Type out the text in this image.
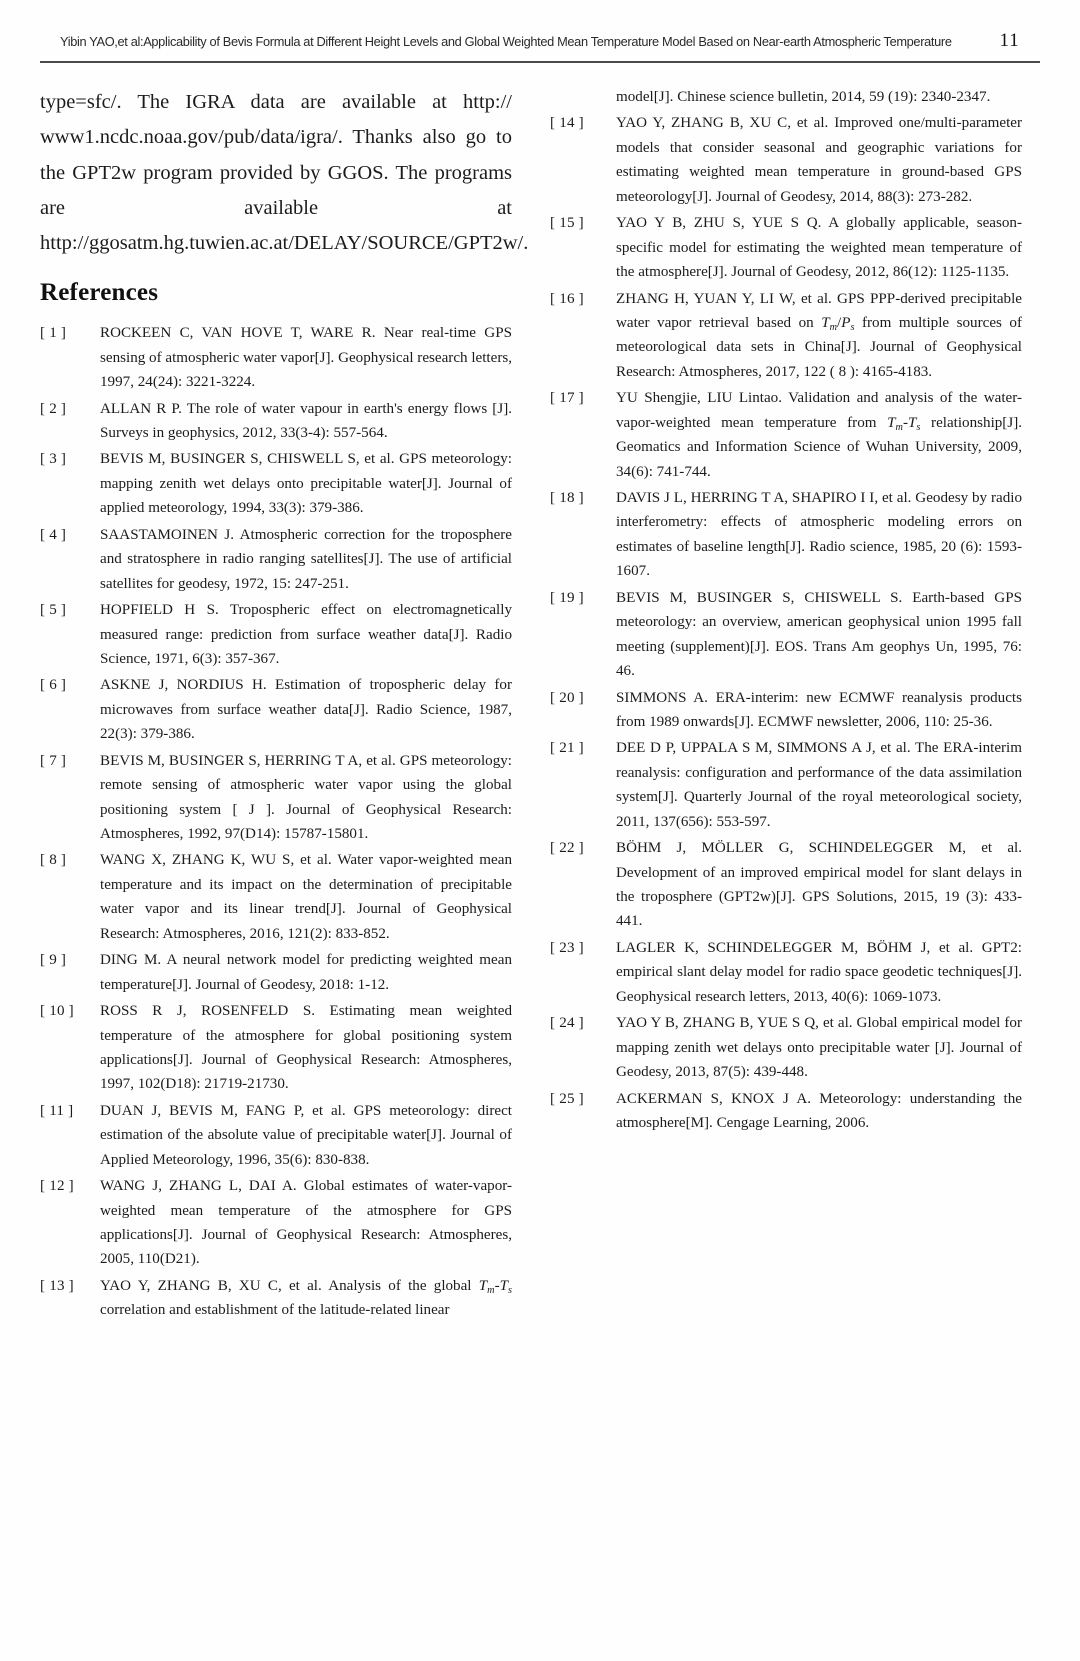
Yibin YAO,et al:Applicability of Bevis Formula at Different Height Levels and Global Weighted Mean Temperature Model Based on Near-earth Atmospheric Temperature	11

type=sfc/. The IGRA data are available at http:// www1.ncdc.noaa.gov/pub/data/igra/. Thanks also go to the GPT2w program provided by GGOS. The programs are available at http://ggosatm.hg.tuwien.ac.at/DELAY/SOURCE/GPT2w/.

References
[ 1 ]	ROCKEEN C, VAN HOVE T, WARE R. Near real-time GPS sensing of atmospheric water vapor[J]. Geophysical research letters, 1997, 24(24): 3221-3224.
[ 2 ]	ALLAN R P. The role of water vapour in earth's energy flows [J]. Surveys in geophysics, 2012, 33(3-4): 557-564.
[ 3 ]	BEVIS M, BUSINGER S, CHISWELL S, et al. GPS meteorology: mapping zenith wet delays onto precipitable water[J]. Journal of applied meteorology, 1994, 33(3): 379-386.
[ 4 ]	SAASTAMOINEN J. Atmospheric correction for the troposphere and stratosphere in radio ranging satellites[J]. The use of artificial satellites for geodesy, 1972, 15: 247-251.
[ 5 ]	HOPFIELD H S. Tropospheric effect on electromagnetically measured range: prediction from surface weather data[J]. Radio Science, 1971, 6(3): 357-367.
[ 6 ]	ASKNE J, NORDIUS H. Estimation of tropospheric delay for microwaves from surface weather data[J]. Radio Science, 1987, 22(3): 379-386.
[ 7 ]	BEVIS M, BUSINGER S, HERRING T A, et al. GPS meteorology: remote sensing of atmospheric water vapor using the global positioning system [ J ]. Journal of Geophysical Research: Atmospheres, 1992, 97(D14): 15787-15801.
[ 8 ]	WANG X, ZHANG K, WU S, et al. Water vapor-weighted mean temperature and its impact on the determination of precipitable water vapor and its linear trend[J]. Journal of Geophysical Research: Atmospheres, 2016, 121(2): 833-852.
[ 9 ]	DING M. A neural network model for predicting weighted mean temperature[J]. Journal of Geodesy, 2018: 1-12.
[ 10 ]	ROSS R J, ROSENFELD S. Estimating mean weighted temperature of the atmosphere for global positioning system applications[J]. Journal of Geophysical Research: Atmospheres, 1997, 102(D18): 21719-21730.
[ 11 ]	DUAN J, BEVIS M, FANG P, et al. GPS meteorology: direct estimation of the absolute value of precipitable water[J]. Journal of Applied Meteorology, 1996, 35(6): 830-838.
[ 12 ]	WANG J, ZHANG L, DAI A. Global estimates of water-vapor-weighted mean temperature of the atmosphere for GPS applications[J]. Journal of Geophysical Research: Atmospheres, 2005, 110(D21).
[ 13 ]	YAO Y, ZHANG B, XU C, et al. Analysis of the global $T_m-T_s$ correlation and establishment of the latitude-related linear
model[J]. Chinese science bulletin, 2014, 59 (19): 2340-2347.
[ 14 ]	YAO Y, ZHANG B, XU C, et al. Improved one/multi-parameter models that consider seasonal and geographic variations for estimating weighted mean temperature in ground-based GPS meteorology[J]. Journal of Geodesy, 2014, 88(3): 273-282.
[ 15 ]	YAO Y B, ZHU S, YUE S Q. A globally applicable, season-specific model for estimating the weighted mean temperature of the atmosphere[J]. Journal of Geodesy, 2012, 86(12): 1125-1135.
[ 16 ]	ZHANG H, YUAN Y, LI W, et al. GPS PPP-derived precipitable water vapor retrieval based on $T_m/P_s$ from multiple sources of meteorological data sets in China[J]. Journal of Geophysical Research: Atmospheres, 2017, 122 ( 8 ): 4165-4183.
[ 17 ]	YU Shengjie, LIU Lintao. Validation and analysis of the water-vapor-weighted mean temperature from $T_m-T_s$ relationship[J]. Geomatics and Information Science of Wuhan University, 2009, 34(6): 741-744.
[ 18 ]	DAVIS J L, HERRING T A, SHAPIRO I I, et al. Geodesy by radio interferometry: effects of atmospheric modeling errors on estimates of baseline length[J]. Radio science, 1985, 20 (6): 1593-1607.
[ 19 ]	BEVIS M, BUSINGER S, CHISWELL S. Earth-based GPS meteorology: an overview, american geophysical union 1995 fall meeting (supplement)[J]. EOS. Trans Am geophys Un, 1995, 76: 46.
[ 20 ]	SIMMONS A. ERA-interim: new ECMWF reanalysis products from 1989 onwards[J]. ECMWF newsletter, 2006, 110: 25-36.
[ 21 ]	DEE D P, UPPALA S M, SIMMONS A J, et al. The ERA-interim reanalysis: configuration and performance of the data assimilation system[J]. Quarterly Journal of the royal meteorological society, 2011, 137(656): 553-597.
[ 22 ]	BÖHM J, MÖLLER G, SCHINDELEGGER M, et al. Development of an improved empirical model for slant delays in the troposphere (GPT2w)[J]. GPS Solutions, 2015, 19 (3): 433-441.
[ 23 ]	LAGLER K, SCHINDELEGGER M, BÖHM J, et al. GPT2: empirical slant delay model for radio space geodetic techniques[J]. Geophysical research letters, 2013, 40(6): 1069-1073.
[ 24 ]	YAO Y B, ZHANG B, YUE S Q, et al. Global empirical model for mapping zenith wet delays onto precipitable water [J]. Journal of Geodesy, 2013, 87(5): 439-448.
[ 25 ]	ACKERMAN S, KNOX J A. Meteorology: understanding the atmosphere[M]. Cengage Learning, 2006.
